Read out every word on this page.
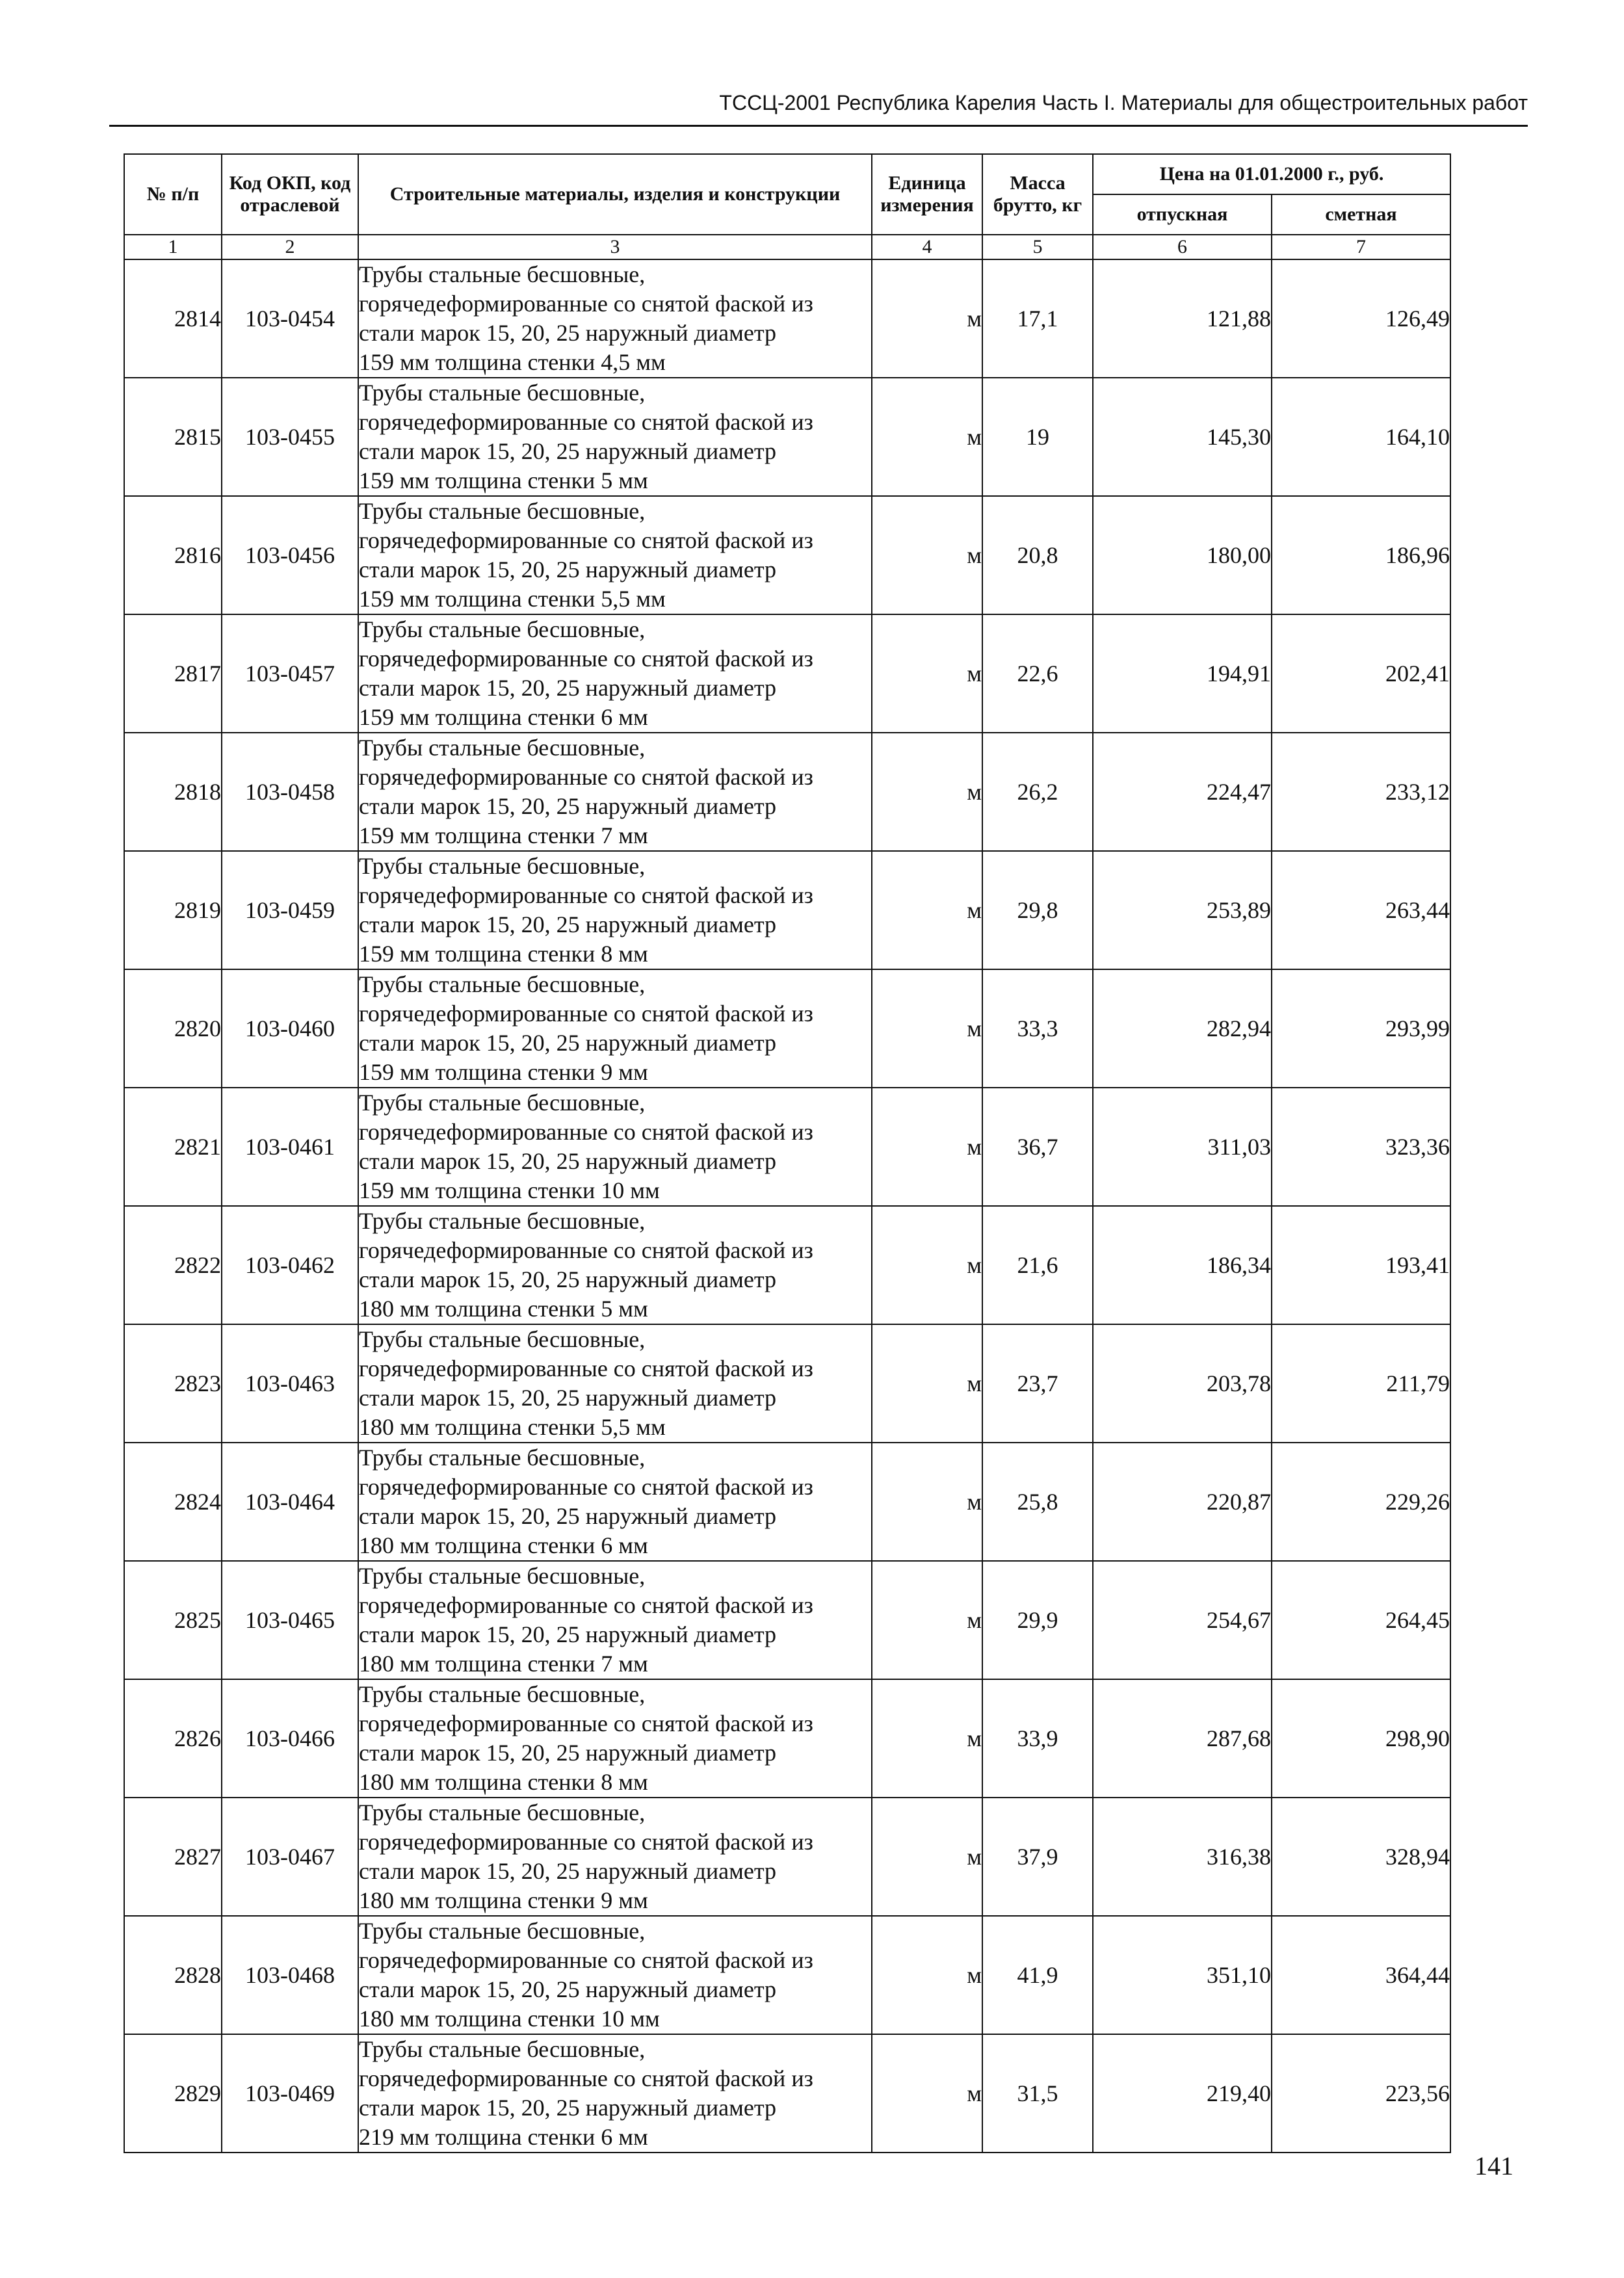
ТССЦ-2001 Республика Карелия Часть I. Материалы для общестроительных работ
№ п/п	Код ОКП, код отраслевой	Строительные материалы, изделия и конструкции	Единица измерения	Масса брутто, кг	Цена на 01.01.2000 г., руб.	
					отпускная	сметная
1	2	3	4	5	6	7
2814	103-0454	Трубы стальные бесшовные,
горячедеформированные со снятой фаской из
стали марок 15, 20, 25 наружный диаметр
159 мм толщина стенки 4,5 мм	м	17,1	121,88	126,49
2815	103-0455	Трубы стальные бесшовные,
горячедеформированные со снятой фаской из
стали марок 15, 20, 25 наружный диаметр
159 мм толщина стенки 5 мм	м	19	145,30	164,10
2816	103-0456	Трубы стальные бесшовные,
горячедеформированные со снятой фаской из
стали марок 15, 20, 25 наружный диаметр
159 мм толщина стенки 5,5 мм	м	20,8	180,00	186,96
2817	103-0457	Трубы стальные бесшовные,
горячедеформированные со снятой фаской из
стали марок 15, 20, 25 наружный диаметр
159 мм толщина стенки 6 мм	м	22,6	194,91	202,41
2818	103-0458	Трубы стальные бесшовные,
горячедеформированные со снятой фаской из
стали марок 15, 20, 25 наружный диаметр
159 мм толщина стенки 7 мм	м	26,2	224,47	233,12
2819	103-0459	Трубы стальные бесшовные,
горячедеформированные со снятой фаской из
стали марок 15, 20, 25 наружный диаметр
159 мм толщина стенки 8 мм	м	29,8	253,89	263,44
2820	103-0460	Трубы стальные бесшовные,
горячедеформированные со снятой фаской из
стали марок 15, 20, 25 наружный диаметр
159 мм толщина стенки 9 мм	м	33,3	282,94	293,99
2821	103-0461	Трубы стальные бесшовные,
горячедеформированные со снятой фаской из
стали марок 15, 20, 25 наружный диаметр
159 мм толщина стенки 10 мм	м	36,7	311,03	323,36
2822	103-0462	Трубы стальные бесшовные,
горячедеформированные со снятой фаской из
стали марок 15, 20, 25 наружный диаметр
180 мм толщина стенки 5 мм	м	21,6	186,34	193,41
2823	103-0463	Трубы стальные бесшовные,
горячедеформированные со снятой фаской из
стали марок 15, 20, 25 наружный диаметр
180 мм толщина стенки 5,5 мм	м	23,7	203,78	211,79
2824	103-0464	Трубы стальные бесшовные,
горячедеформированные со снятой фаской из
стали марок 15, 20, 25 наружный диаметр
180 мм толщина стенки 6 мм	м	25,8	220,87	229,26
2825	103-0465	Трубы стальные бесшовные,
горячедеформированные со снятой фаской из
стали марок 15, 20, 25 наружный диаметр
180 мм толщина стенки 7 мм	м	29,9	254,67	264,45
2826	103-0466	Трубы стальные бесшовные,
горячедеформированные со снятой фаской из
стали марок 15, 20, 25 наружный диаметр
180 мм толщина стенки 8 мм	м	33,9	287,68	298,90
2827	103-0467	Трубы стальные бесшовные,
горячедеформированные со снятой фаской из
стали марок 15, 20, 25 наружный диаметр
180 мм толщина стенки 9 мм	м	37,9	316,38	328,94
2828	103-0468	Трубы стальные бесшовные,
горячедеформированные со снятой фаской из
стали марок 15, 20, 25 наружный диаметр
180 мм толщина стенки 10 мм	м	41,9	351,10	364,44
2829	103-0469	Трубы стальные бесшовные,
горячедеформированные со снятой фаской из
стали марок 15, 20, 25 наружный диаметр
219 мм толщина стенки 6 мм	м	31,5	219,40	223,56
141
